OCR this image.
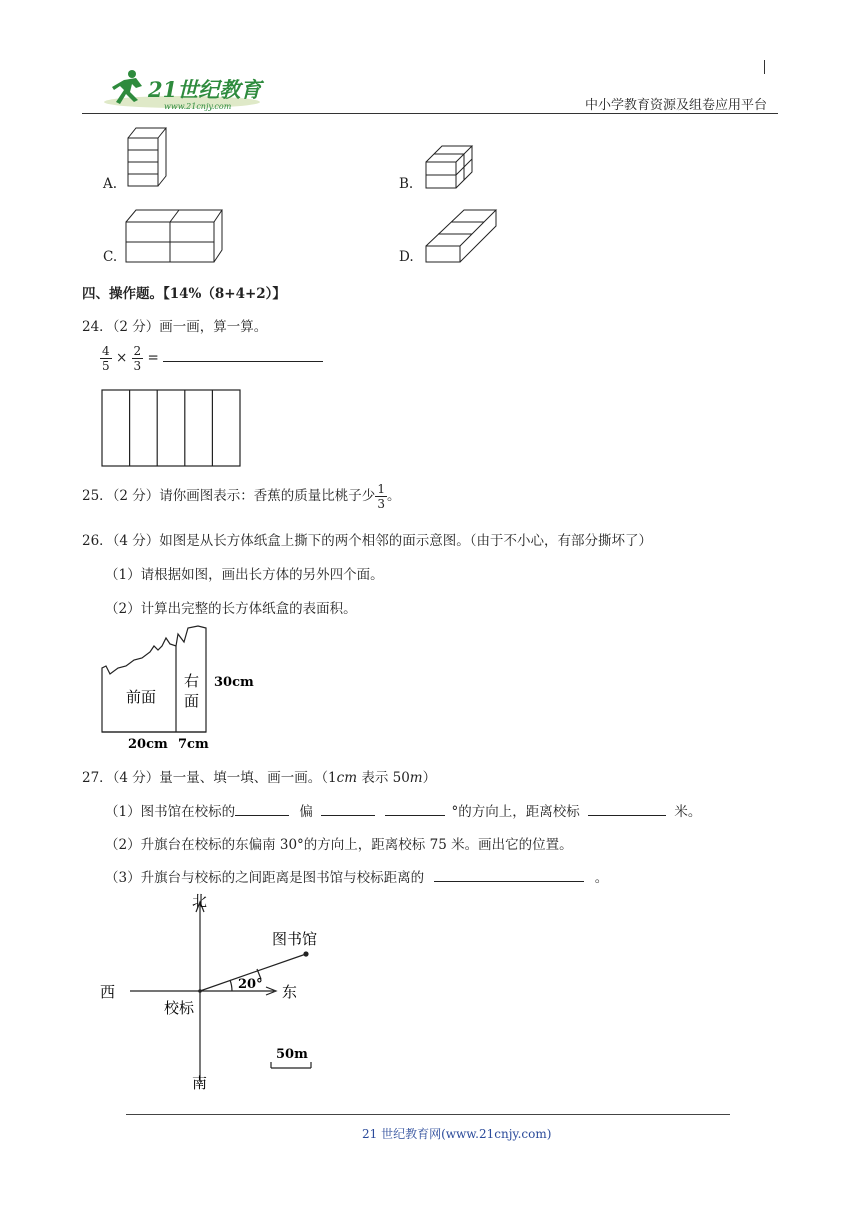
21世纪教育
www.21cnjy.com	中小学教育资源及组卷应用平台
A.	B.
C.	D.
四、操作题。【14%（8+4+2）】
24．（2 分）画一画，算一算。
$\frac{4}{5} \times \frac{2}{3}$ =
25．（2 分）请你画图表示：香蕉的质量比桃子少 $\frac{1}{3}$ 。
26．（4 分）如图是从长方体纸盒上撕下的两个相邻的面示意图。（由于不小心，有部分撕坏了）
（1）请根据如图，画出长方体的另外四个面。
（2）计算出完整的长方体纸盒的表面积。
前面
右
面
30cm
20cm 7cm
27．（4 分）量一量、填一填、画一画。（1cm 表示 50m）
（1）图书馆在校标的	偏	°的方向上，距离校标	米。
（2）升旗台在校标的东偏南 30°的方向上，距离校标 75 米。画出它的位置。
（3）升旗台与校标的之间距离是图书馆与校标距离的	。
北
南
东
西
校标
图书馆
20°
50m
21 世纪教育网(www.21cnjy.com)
